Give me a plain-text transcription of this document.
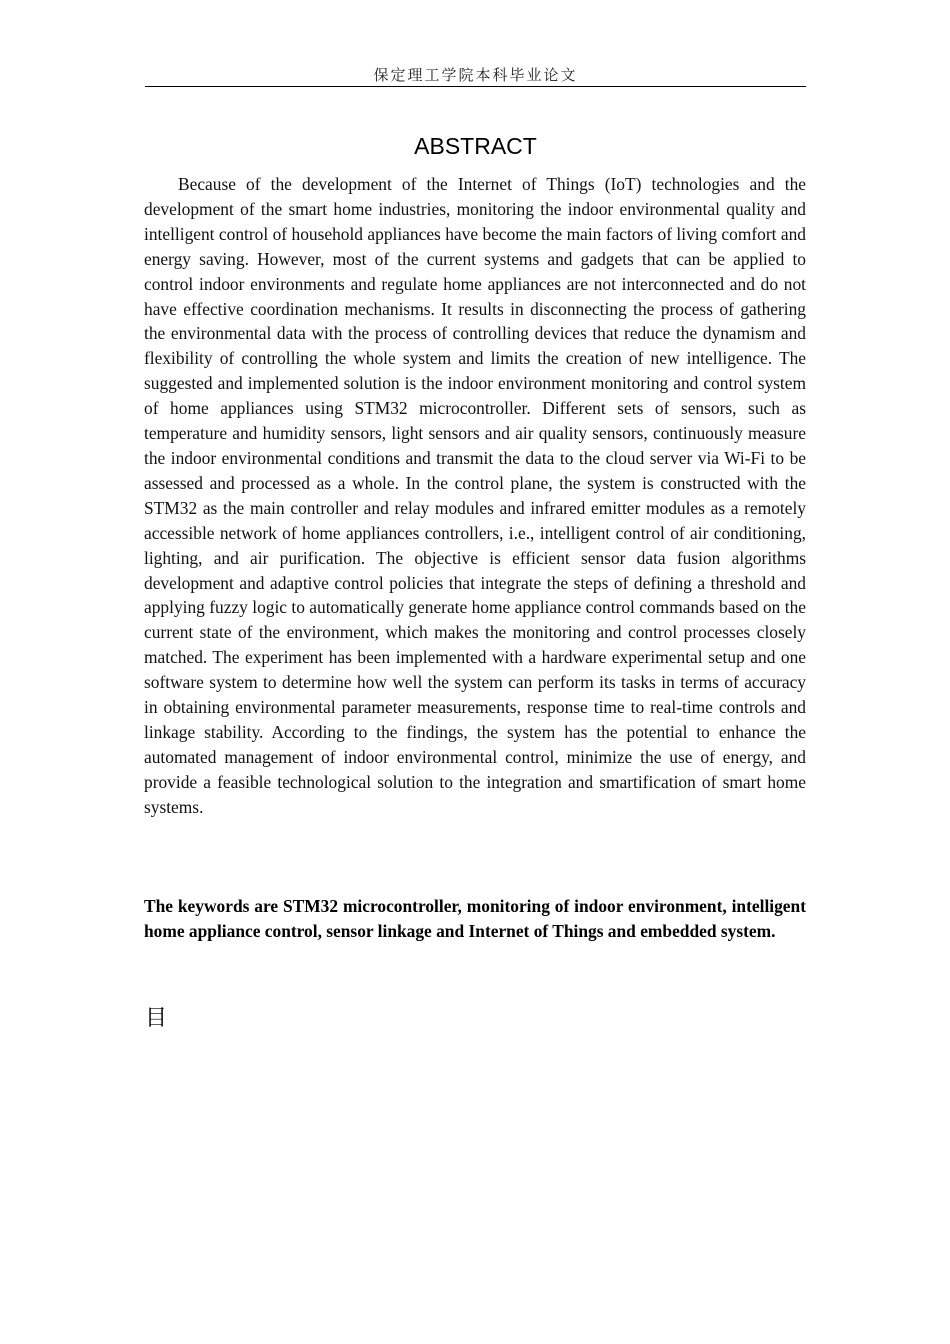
保定理工学院本科毕业论文
ABSTRACT

Because of the development of the Internet of Things (IoT) technologies and the development of the smart home industries, monitoring the indoor environmental quality and intelligent control of household appliances have become the main factors of living comfort and energy saving. However, most of the current systems and gadgets that can be applied to control indoor environments and regulate home appliances are not interconnected and do not have effective coordination mechanisms. It results in disconnecting the process of gathering the environmental data with the process of controlling devices that reduce the dynamism and flexibility of controlling the whole system and limits the creation of new intelligence. The suggested and implemented solution is the indoor environment monitoring and control system of home appliances using STM32 microcontroller. Different sets of sensors, such as temperature and humidity sensors, light sensors and air quality sensors, continuously measure the indoor environmental conditions and transmit the data to the cloud server via Wi-Fi to be assessed and processed as a whole. In the control plane, the system is constructed with the STM32 as the main controller and relay modules and infrared emitter modules as a remotely accessible network of home appliances controllers, i.e., intelligent control of air conditioning, lighting, and air purification. The objective is efficient sensor data fusion algorithms development and adaptive control policies that integrate the steps of defining a threshold and applying fuzzy logic to automatically generate home appliance control commands based on the current state of the environment, which makes the monitoring and control processes closely matched. The experiment has been implemented with a hardware experimental setup and one software system to determine how well the system can perform its tasks in terms of accuracy in obtaining environmental parameter measurements, response time to real-time controls and linkage stability. According to the findings, the system has the potential to enhance the automated management of indoor environmental control, minimize the use of energy, and provide a feasible technological solution to the integration and smartification of smart home systems.

The keywords are STM32 microcontroller, monitoring of indoor environment, intelligent home appliance control, sensor linkage and Internet of Things and embedded system.

目
